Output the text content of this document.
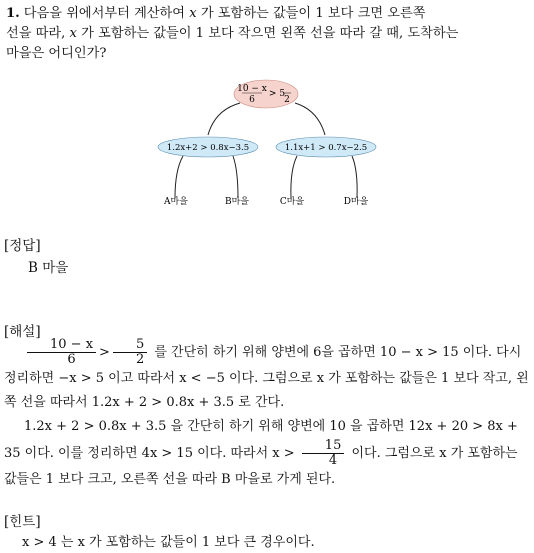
1. 다음을 위에서부터 계산하여 x 가 포함하는 값들이 1 보다 크면 오른쪽
선을 따라, x 가 포함하는 값들이 1 보다 작으면 왼쪽 선을 따라 갈 때, 도착하는
마을은 어디인가?
10 − x
6
> 5
2
1.2x+2 > 0.8x−3.5	1.1x+1 > 0.7x−2.5
A마을	B마을	C마을	D마을
[정답]
B 마을
[해설]

$\frac{10 - x}{6} > \frac{5}{2}$ 를 간단히 하기 위해 양변에 6을 곱하면 10 − x > 15 이다. 다시 정리하면 −x > 5 이고 따라서 x < −5 이다. 그럼으로 x 가 포함하는 값들은 1 보다 작고, 왼쪽 선을 따라서 1.2x + 2 > 0.8x + 3.5 로 간다.

1.2x + 2 > 0.8x + 3.5 을 간단히 하기 위해 양변에 10 을 곱하면 12x + 20 > 8x + 35 이다. 이를 정리하면 4x > 15 이다. 따라서 $x > \frac{15}{4}$ 이다. 그럼으로 x 가 포함하는 값들은 1 보다 크고, 오른쪽 선을 따라 B 마을로 가게 된다.

[힌트]
x > 4 는 x 가 포함하는 값들이 1 보다 큰 경우이다.
